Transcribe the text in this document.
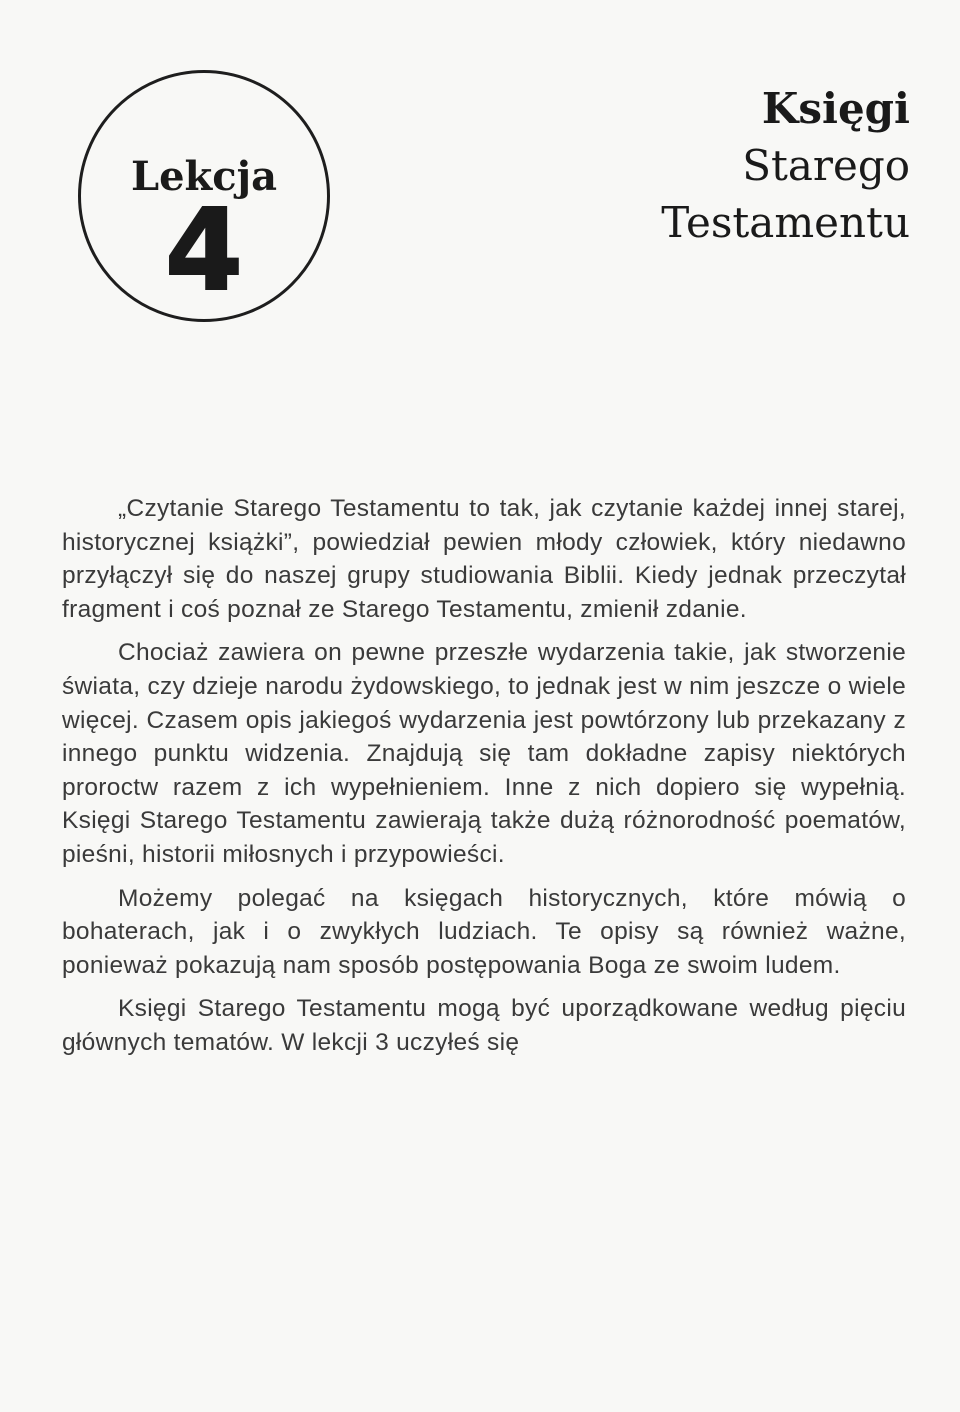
Lekcja
4
Księgi
Starego
Testamentu

„Czytanie Starego Testamentu to tak, jak czytanie każdej innej starej, historycznej książki”, powiedział pewien młody człowiek, który niedawno przyłączył się do naszej grupy studiowania Biblii. Kiedy jednak przeczytał fragment i coś poznał ze Starego Testamentu, zmienił zdanie.

Chociaż zawiera on pewne przeszłe wydarzenia takie, jak stworzenie świata, czy dzieje narodu żydowskiego, to jednak jest w nim jeszcze o wiele więcej. Czasem opis jakiegoś wydarzenia jest powtórzony lub przekazany z innego punktu widzenia. Znajdują się tam dokładne zapisy niektórych proroctw razem z ich wypełnieniem. Inne z nich dopiero się wypełnią. Księgi Starego Testamentu zawierają także dużą różnorodność poematów, pieśni, historii miłosnych i przypowieści.

Możemy polegać na księgach historycznych, które mówią o bohaterach, jak i o zwykłych ludziach. Te opisy są również ważne, ponieważ pokazują nam sposób postępowania Boga ze swoim ludem.

Księgi Starego Testamentu mogą być uporządkowane według pięciu głównych tematów. W lekcji 3 uczyłeś się
